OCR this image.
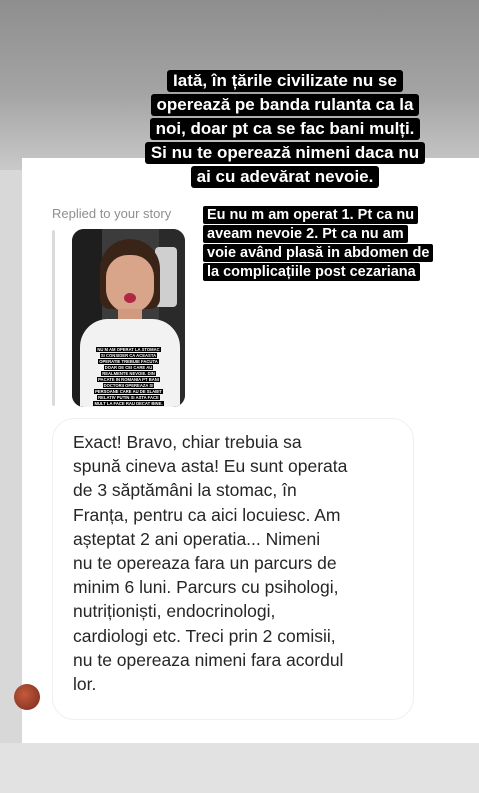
Iată, în țările civilizate nu se
operează pe banda rulanta ca la
noi, doar pt ca se fac bani mulți.
Si nu te operează nimeni daca nu
ai cu adevărat nevoie.
Replied to your story
NU M AM OPERAT LA STOMAC
SI CONSIDER CA ACEASTA
OPERATIE TREBUIE FACUTA
DOAR DE CEI CARE AU
REALMENTE NEVOIE. DIN
PACATE IN ROMANIA PT BANI
DOCTORII OPEREAZA SI
PERSOANE CARE AU DE SLABIT
RELATIV PUTIN SI ASTA FACE
MULT LA FACE RAU DECAT BINE.
Eu nu m am operat 1. Pt ca nu
aveam nevoie 2. Pt ca nu am
voie având plasă in abdomen de
la complicațiile post cezariana
Exact! Bravo, chiar trebuia sa
spună cineva asta! Eu sunt operata
de 3 săptămâni la stomac, în
Franța, pentru ca aici locuiesc. Am
așteptat 2 ani operatia... Nimeni
nu te opereaza fara un parcurs de
minim 6 luni. Parcurs cu psihologi,
nutriționiști, endocrinologi,
cardiologi etc. Treci prin 2 comisii,
nu te opereaza nimeni fara acordul
lor.
